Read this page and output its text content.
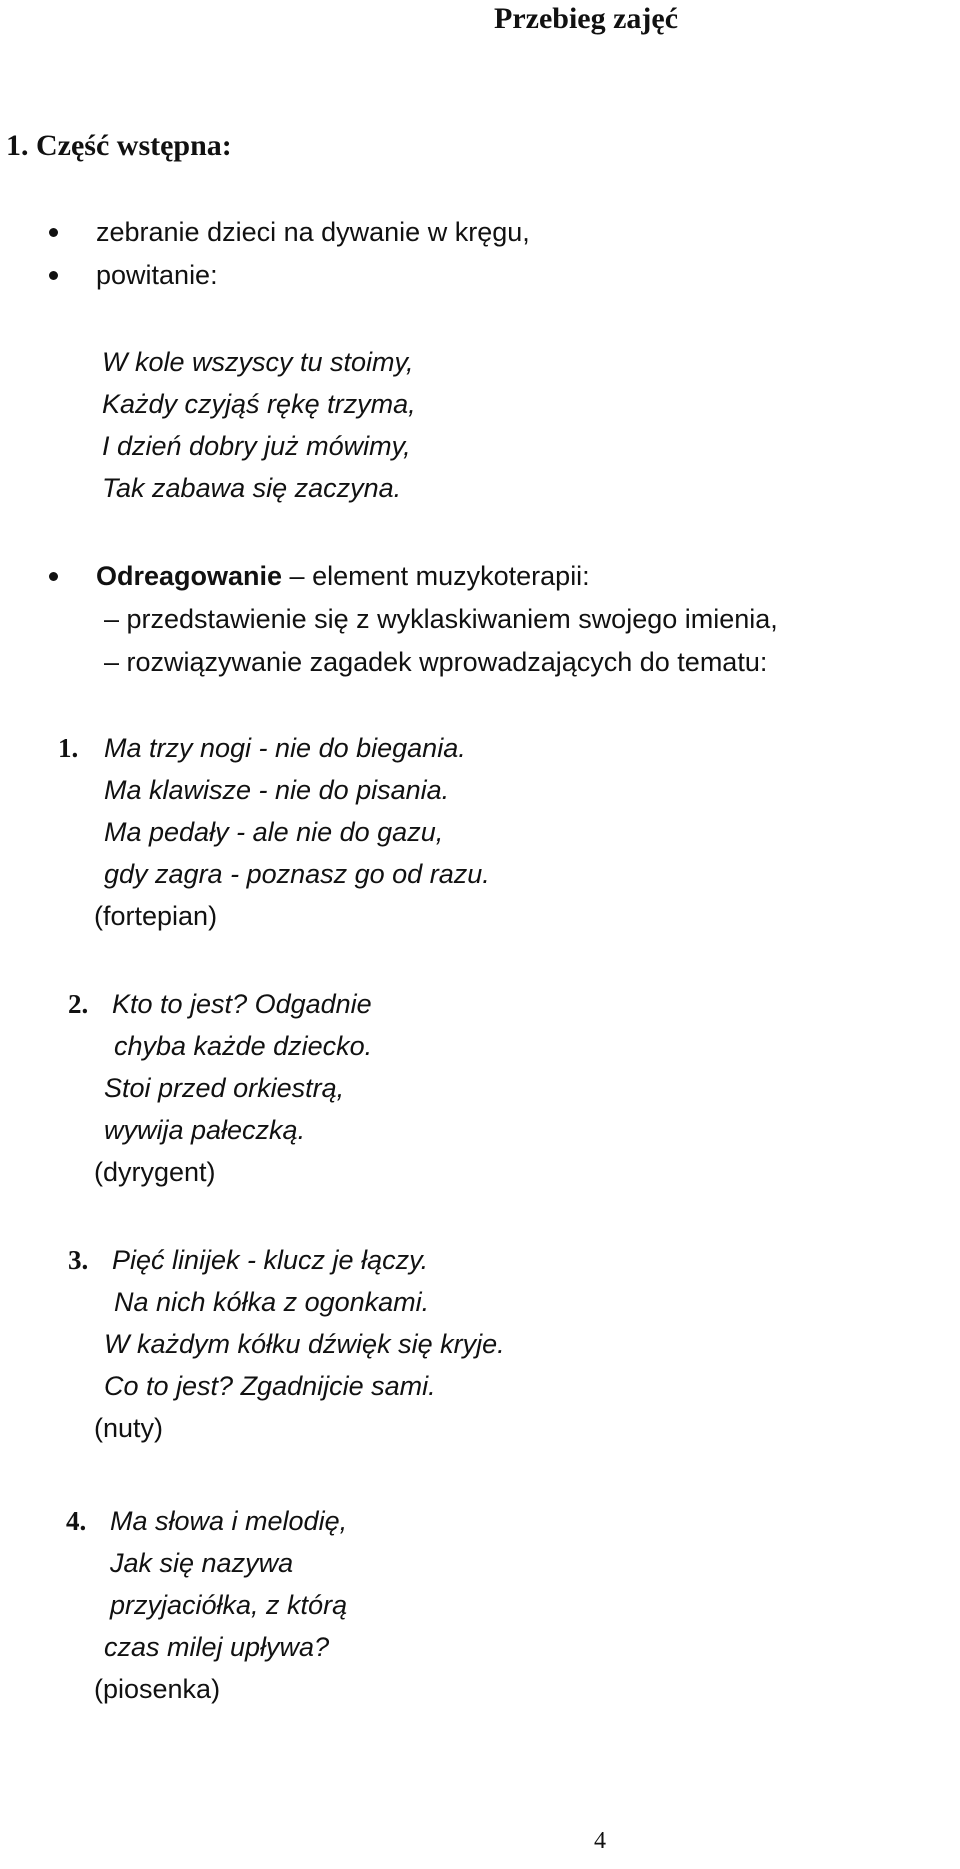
Przebieg zajęć
1. Część wstępna:
zebranie dzieci na dywanie w kręgu,
powitanie:
W kole wszyscy tu stoimy,
Każdy czyjąś rękę trzyma,
I dzień dobry już mówimy,
Tak zabawa się zaczyna.
Odreagowanie – element muzykoterapii:
– przedstawienie się z wyklaskiwaniem swojego imienia,
– rozwiązywanie zagadek wprowadzających do tematu:
1. Ma trzy nogi - nie do biegania.
Ma klawisze - nie do pisania.
Ma pedały - ale nie do gazu,
gdy zagra - poznasz go od razu.
(fortepian)
2. Kto to jest? Odgadnie
chyba każde dziecko.
Stoi przed orkiestrą,
wywija pałeczką.
(dyrygent)
3. Pięć linijek - klucz je łączy.
Na nich kółka z ogonkami.
W każdym kółku dźwięk się kryje.
Co to jest? Zgadnijcie sami.
(nuty)
4. Ma słowa i melodię,
Jak się nazywa
przyjaciółka, z którą
czas milej upływa?
(piosenka)
4
